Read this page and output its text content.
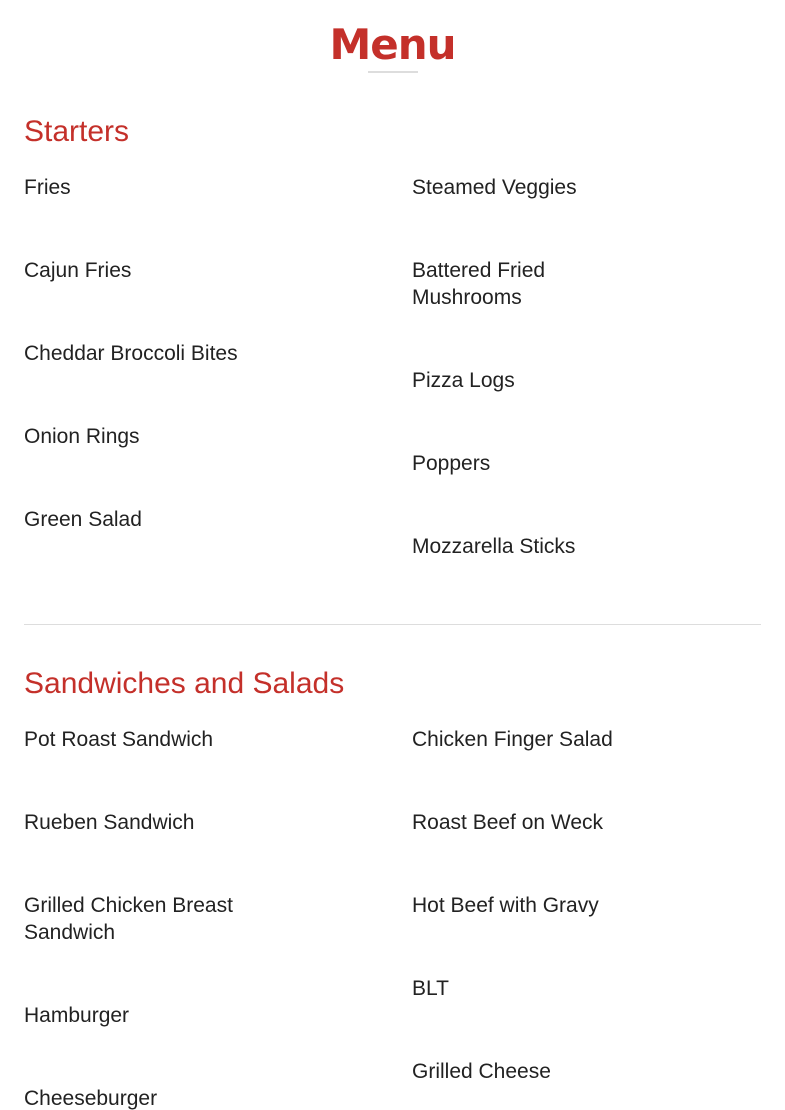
Menu
Starters
Fries
Cajun Fries
Cheddar Broccoli Bites
Onion Rings
Green Salad
Steamed Veggies
Battered Fried Mushrooms
Pizza Logs
Poppers
Mozzarella Sticks
Sandwiches and Salads
Pot Roast Sandwich
Rueben Sandwich
Grilled Chicken Breast Sandwich
Hamburger
Cheeseburger
Chicken Finger Salad
Roast Beef on Weck
Hot Beef with Gravy
BLT
Grilled Cheese
